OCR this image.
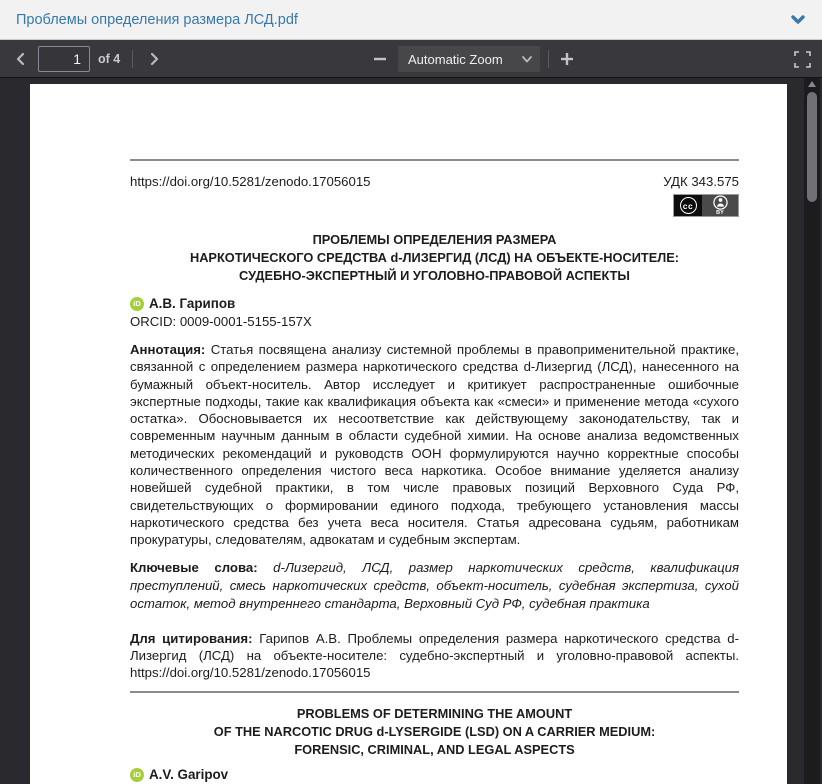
Проблемы определения размера ЛСД.pdf
1
of 4	Automatic Zoom
https://doi.org/10.5281/zenodo.17056015	УДК 343.575
cc
BY
ПРОБЛЕМЫ ОПРЕДЕЛЕНИЯ РАЗМЕРА
НАРКОТИЧЕСКОГО СРЕДСТВА d-ЛИЗЕРГИД (ЛСД) НА ОБЪЕКТЕ-НОСИТЕЛЕ:
СУДЕБНО-ЭКСПЕРТНЫЙ И УГОЛОВНО-ПРАВОВОЙ АСПЕКТЫ
iD А.В. Гарипов
ORCID: 0009-0001-5155-157X

Аннотация: Статья посвящена анализу системной проблемы в правоприменительной практике, связанной с определением размера наркотического средства d-Лизергид (ЛСД), нанесенного на бумажный объект-носитель. Автор исследует и критикует распространенные ошибочные экспертные подходы, такие как квалификация объекта как «смеси» и применение метода «сухого остатка». Обосновывается их несоответствие как действующему законодательству, так и современным научным данным в области судебной химии. На основе анализа ведомственных методических рекомендаций и руководств ООН формулируются научно корректные способы количественного определения чистого веса наркотика. Особое внимание уделяется анализу новейшей судебной практики, в том числе правовых позиций Верховного Суда РФ, свидетельствующих о формировании единого подхода, требующего установления массы наркотического средства без учета веса носителя. Статья адресована судьям, работникам прокуратуры, следователям, адвокатам и судебным экспертам.

Ключевые слова: d-Лизергид, ЛСД, размер наркотических средств, квалификация преступлений, смесь наркотических средств, объект-носитель, судебная экспертиза, сухой остаток, метод внутреннего стандарта, Верховный Суд РФ, судебная практика

Для цитирования: Гарипов А.В. Проблемы определения размера наркотического средства d-Лизергид (ЛСД) на объекте-носителе: судебно-экспертный и уголовно-правовой аспекты. https://doi.org/10.5281/zenodo.17056015

PROBLEMS OF DETERMINING THE AMOUNT
OF THE NARCOTIC DRUG d-LYSERGIDE (LSD) ON A CARRIER MEDIUM:
FORENSIC, CRIMINAL, AND LEGAL ASPECTS
iD A.V. Garipov
